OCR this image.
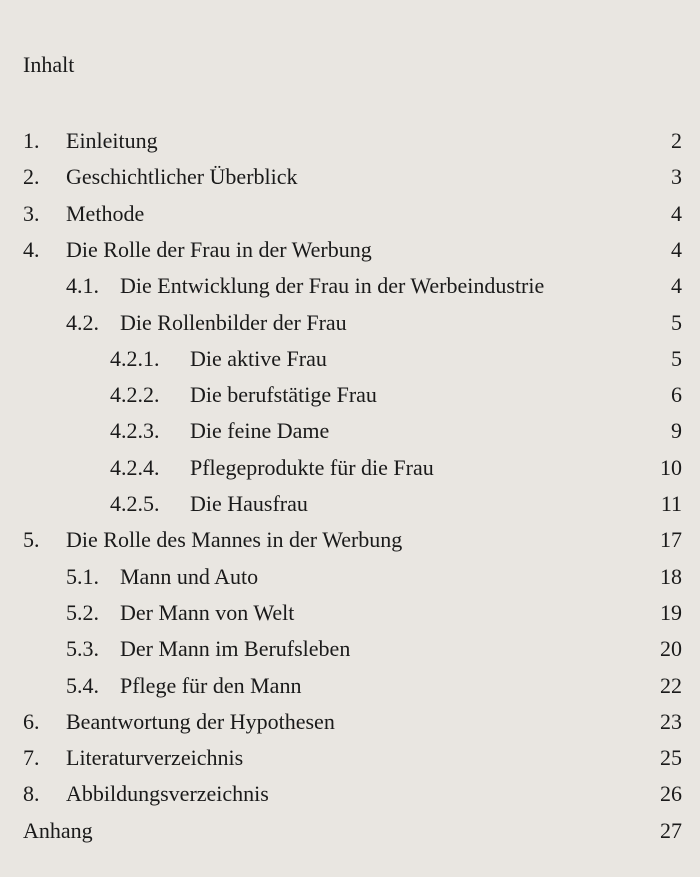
Inhalt
1. Einleitung	2
2. Geschichtlicher Überblick	3
3. Methode	4
4. Die Rolle der Frau in der Werbung	4
4.1. Die Entwicklung der Frau in der Werbeindustrie	4
4.2. Die Rollenbilder der Frau	5
4.2.1. Die aktive Frau	5
4.2.2. Die berufstätige Frau	6
4.2.3. Die feine Dame	9
4.2.4. Pflegeprodukte für die Frau	10
4.2.5. Die Hausfrau	11
5. Die Rolle des Mannes in der Werbung	17
5.1. Mann und Auto	18
5.2. Der Mann von Welt	19
5.3. Der Mann im Berufsleben	20
5.4. Pflege für den Mann	22
6. Beantwortung der Hypothesen	23
7. Literaturverzeichnis	25
8. Abbildungsverzeichnis	26
Anhang	27
